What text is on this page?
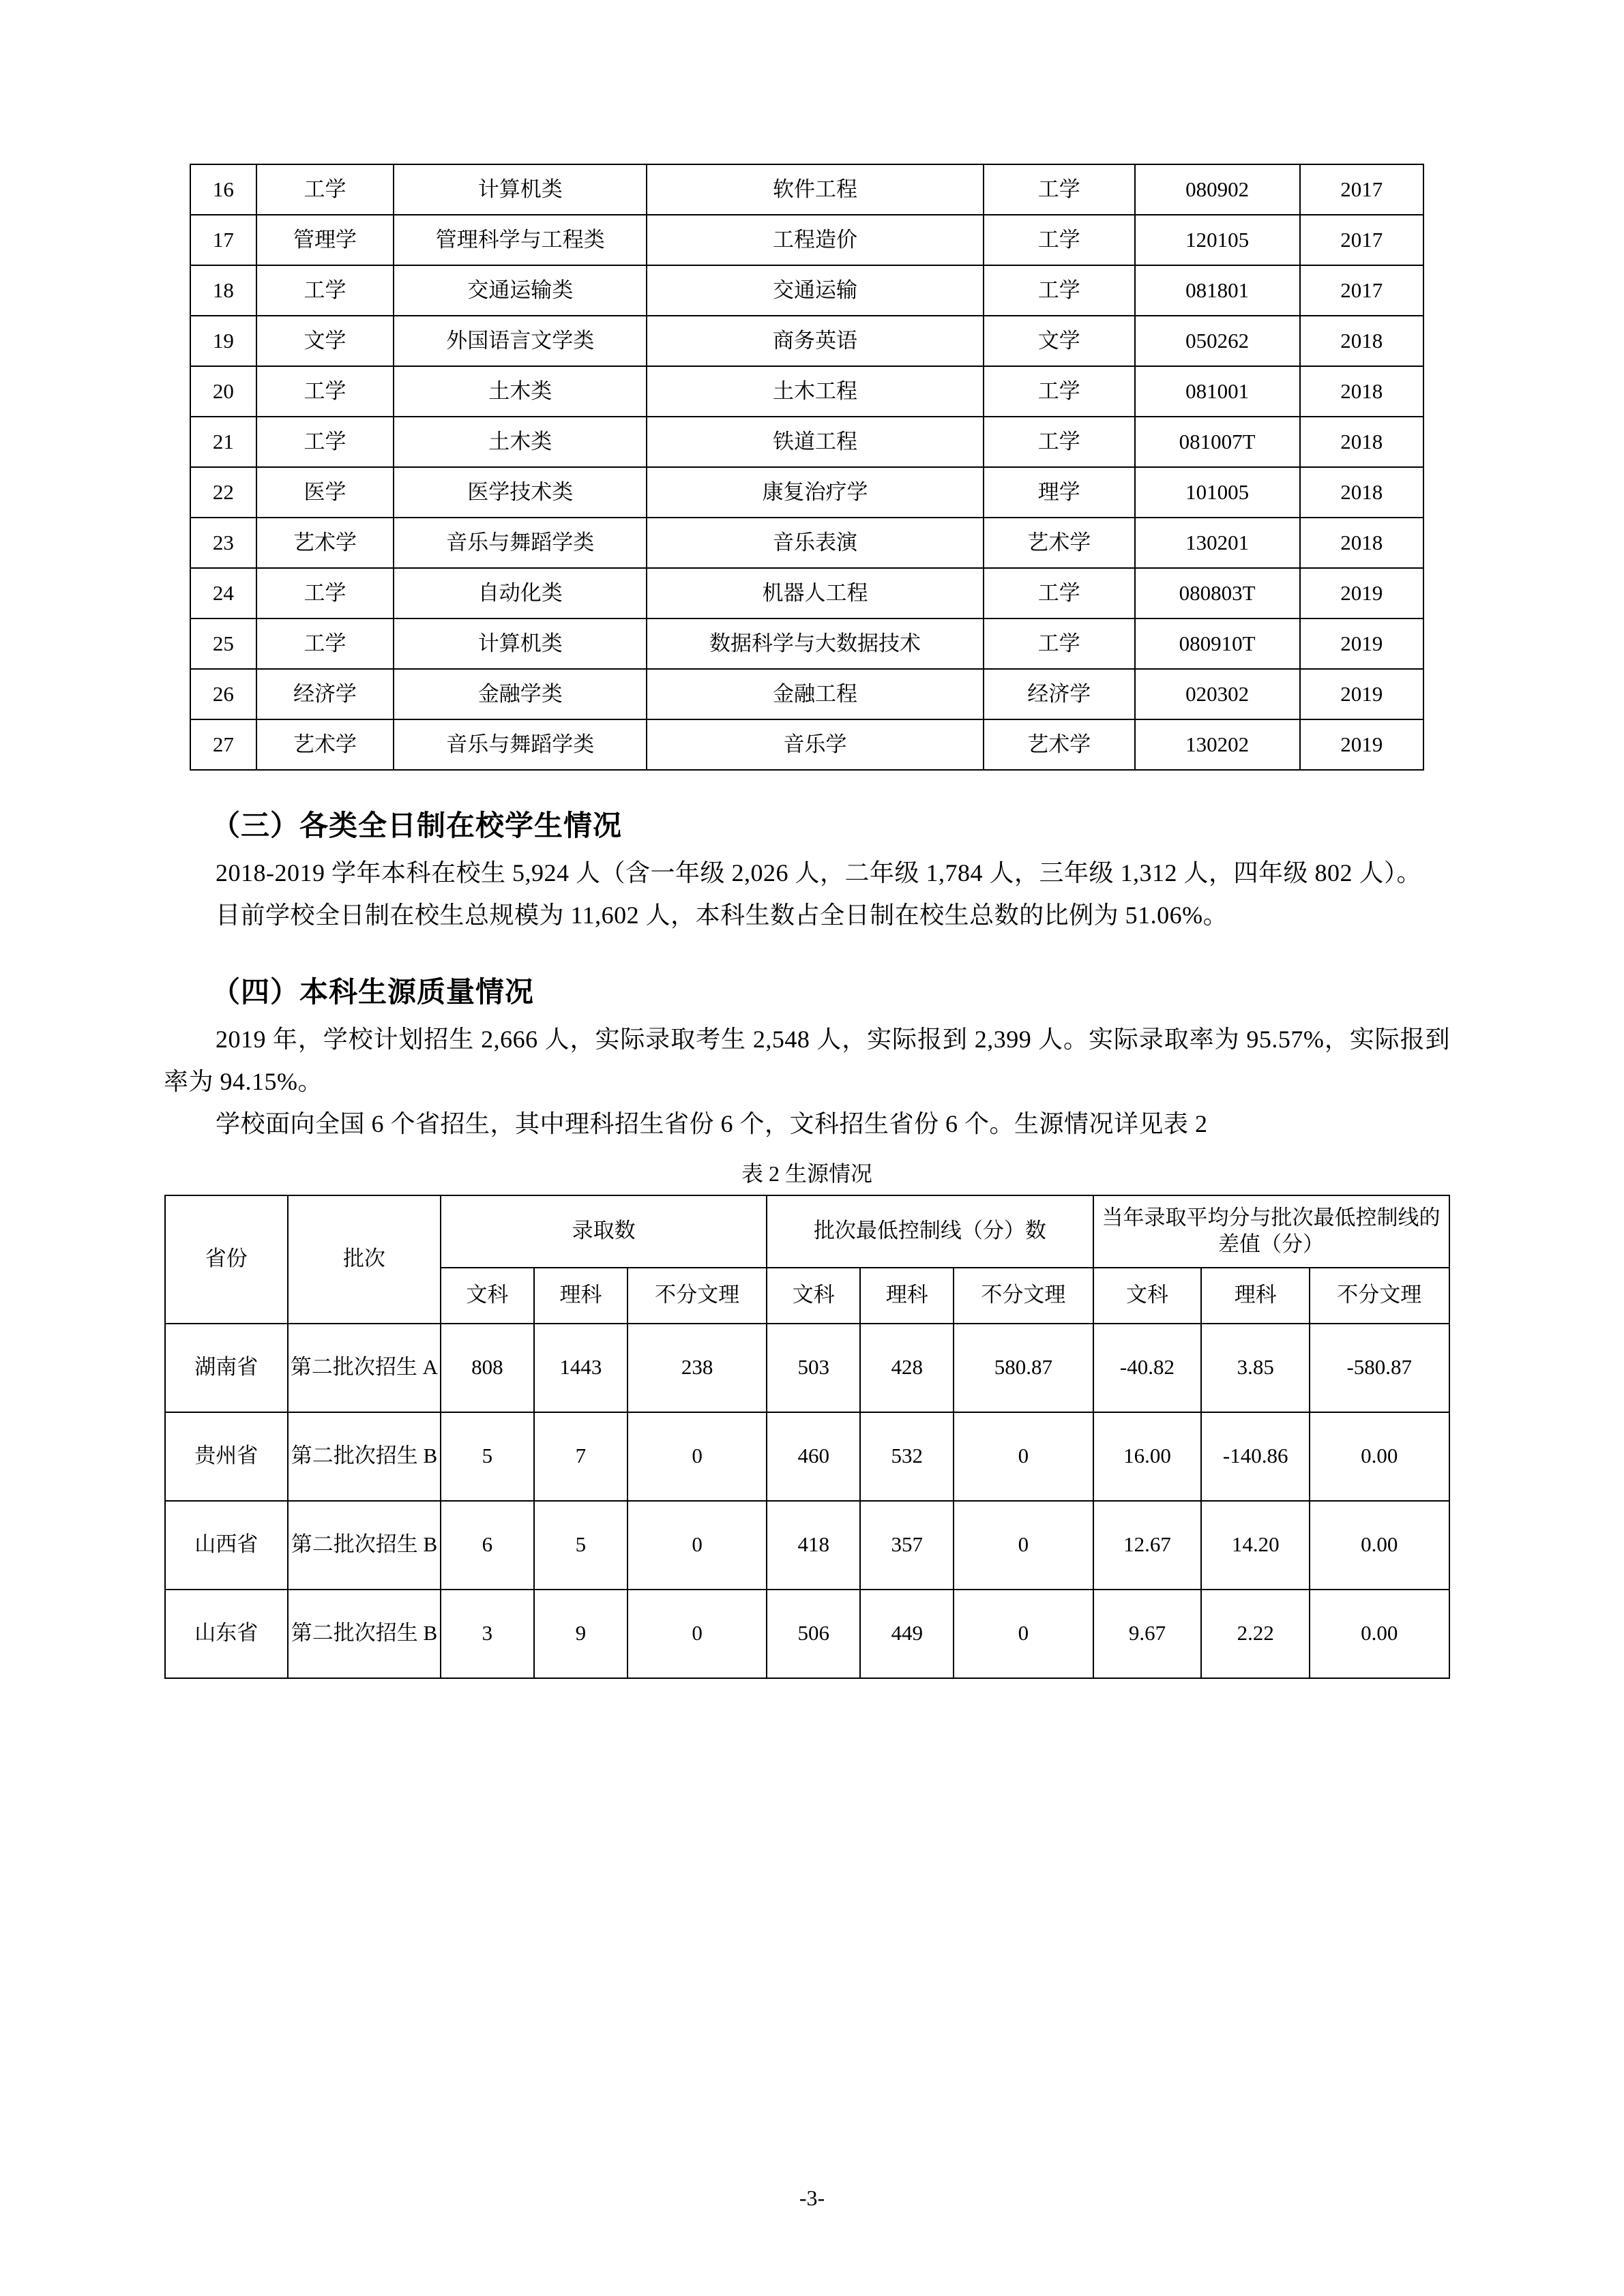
16	工学	计算机类	软件工程	工学	080902	2017
17	管理学	管理科学与工程类	工程造价	工学	120105	2017
18	工学	交通运输类	交通运输	工学	081801	2017
19	文学	外国语言文学类	商务英语	文学	050262	2018
20	工学	土木类	土木工程	工学	081001	2018
21	工学	土木类	铁道工程	工学	081007T	2018
22	医学	医学技术类	康复治疗学	理学	101005	2018
23	艺术学	音乐与舞蹈学类	音乐表演	艺术学	130201	2018
24	工学	自动化类	机器人工程	工学	080803T	2019
25	工学	计算机类	数据科学与大数据技术	工学	080910T	2019
26	经济学	金融学类	金融工程	经济学	020302	2019
27	艺术学	音乐与舞蹈学类	音乐学	艺术学	130202	2019
（三）各类全日制在校学生情况

2018-2019 学年本科在校生 5,924 人（含一年级 2,026 人，二年级 1,784 人，三年级 1,312 人，四年级 802 人）。

目前学校全日制在校生总规模为 11,602 人，本科生数占全日制在校生总数的比例为 51.06%。

（四）本科生源质量情况

2019 年，学校计划招生 2,666 人，实际录取考生 2,548 人，实际报到 2,399 人。实际录取率为 95.57%，实际报到率为 94.15%。

学校面向全国 6 个省招生，其中理科招生省份 6 个，文科招生省份 6 个。生源情况详见表 2

表 2 生源情况
省份	批次	录取数			批次最低控制线（分）数			当年录取平均分与批次最低控制线的差值（分）		
		文科	理科	不分文理	文科	理科	不分文理	文科	理科	不分文理
湖南省	第二批次招生 A	808	1443	238	503	428	580.87	-40.82	3.85	-580.87
贵州省	第二批次招生 B	5	7	0	460	532	0	16.00	-140.86	0.00
山西省	第二批次招生 B	6	5	0	418	357	0	12.67	14.20	0.00
山东省	第二批次招生 B	3	9	0	506	449	0	9.67	2.22	0.00
-3-
